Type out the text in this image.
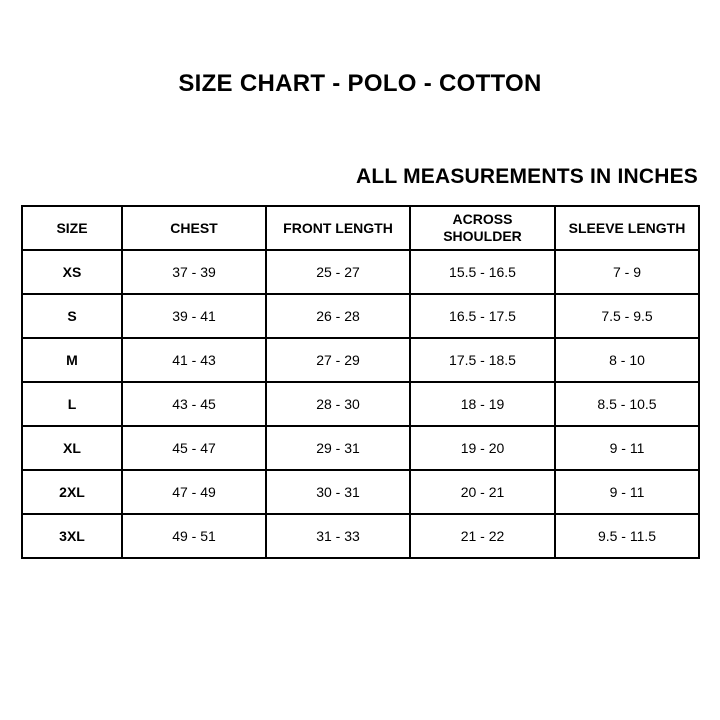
SIZE CHART - POLO - COTTON
ALL MEASUREMENTS IN INCHES
SIZE	CHEST	FRONT LENGTH	ACROSS SHOULDER	SLEEVE LENGTH
XS	37 - 39	25 - 27	15.5 - 16.5	7 - 9
S	39 - 41	26 - 28	16.5 - 17.5	7.5 - 9.5
M	41 - 43	27 - 29	17.5 - 18.5	8 - 10
L	43 - 45	28 - 30	18 - 19	8.5 - 10.5
XL	45 - 47	29 - 31	19 - 20	9 - 11
2XL	47 - 49	30 - 31	20 - 21	9 - 11
3XL	49 - 51	31 - 33	21 - 22	9.5 - 11.5
